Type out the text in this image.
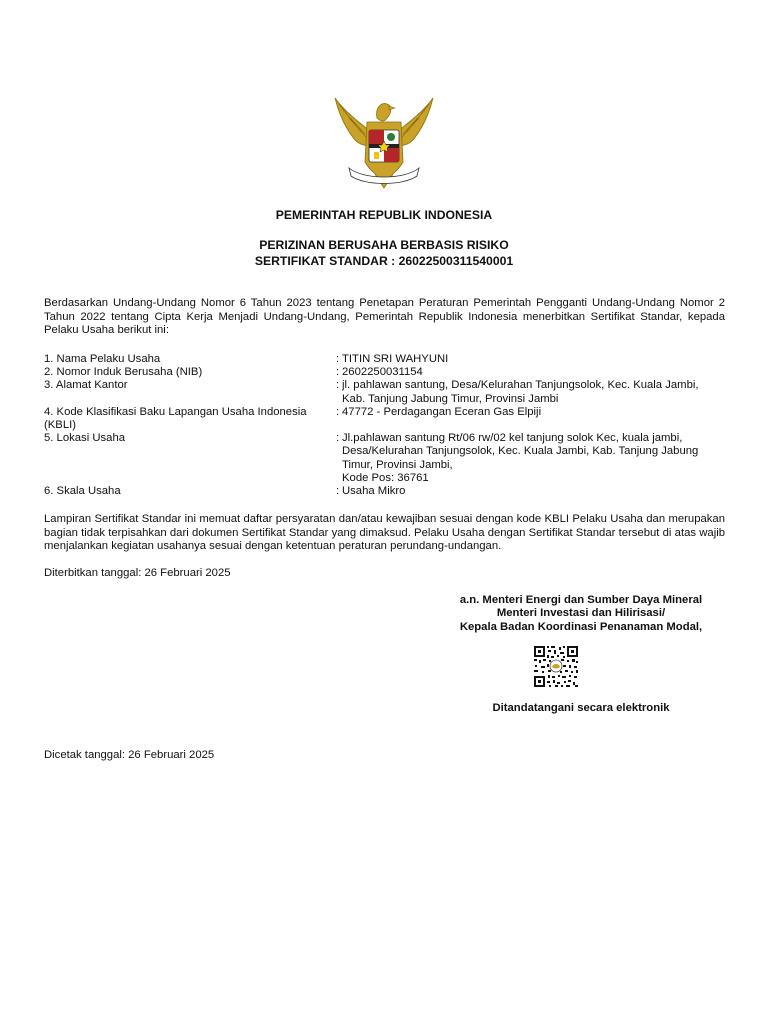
PEMERINTAH REPUBLIK INDONESIA
PERIZINAN BERUSAHA BERBASIS RISIKO
SERTIFIKAT STANDAR : 26022500311540001
Berdasarkan Undang-Undang Nomor 6 Tahun 2023 tentang Penetapan Peraturan Pemerintah Pengganti Undang-Undang Nomor 2 Tahun 2022 tentang Cipta Kerja Menjadi Undang-Undang, Pemerintah Republik Indonesia menerbitkan Sertifikat Standar, kepada Pelaku Usaha berikut ini:
1. Nama Pelaku Usaha	: TITIN SRI WAHYUNI
2. Nomor Induk Berusaha (NIB)	: 2602250031154
3. Alamat Kantor	: jl. pahlawan santung, Desa/Kelurahan Tanjungsolok, Kec. Kuala Jambi, Kab. Tanjung Jabung Timur, Provinsi Jambi
4. Kode Klasifikasi Baku Lapangan Usaha Indonesia (KBLI)
: 47772 - Perdagangan Eceran Gas Elpiji
5. Lokasi Usaha	: Jl.pahlawan santung Rt/06 rw/02 kel tanjung solok Kec, kuala jambi, Desa/Kelurahan Tanjungsolok, Kec. Kuala Jambi, Kab. Tanjung Jabung Timur, Provinsi Jambi,
Kode Pos: 36761
6. Skala Usaha	: Usaha Mikro
Lampiran Sertifikat Standar ini memuat daftar persyaratan dan/atau kewajiban sesuai dengan kode KBLI Pelaku Usaha dan merupakan bagian tidak terpisahkan dari dokumen Sertifikat Standar yang dimaksud. Pelaku Usaha dengan Sertifikat Standar tersebut di atas wajib menjalankan kegiatan usahanya sesuai dengan ketentuan peraturan perundang-undangan.
Diterbitkan tanggal: 26 Februari 2025
a.n. Menteri Energi dan Sumber Daya Mineral
Menteri Investasi dan Hilirisasi/
Kepala Badan Koordinasi Penanaman Modal,
Ditandatangani secara elektronik
Dicetak tanggal: 26 Februari 2025
